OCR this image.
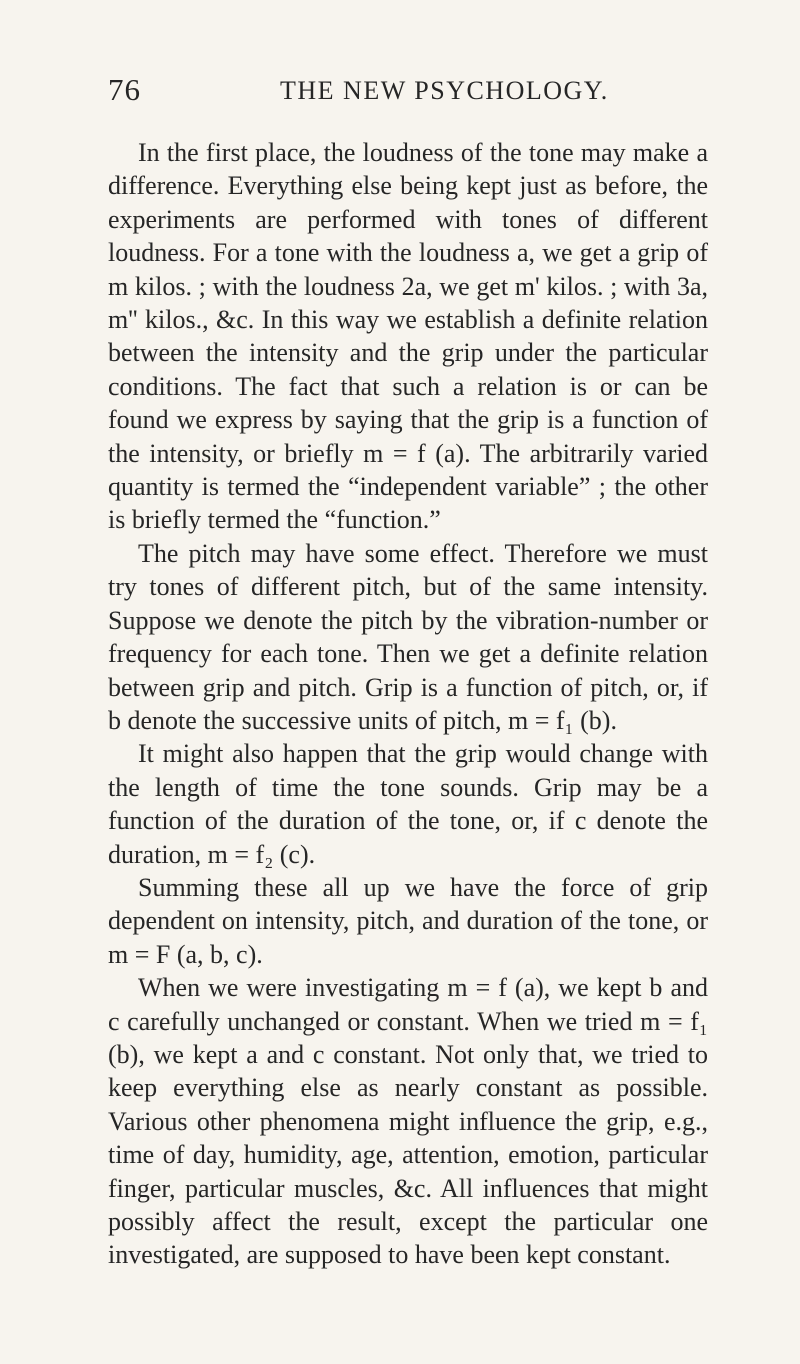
76	THE NEW PSYCHOLOGY.

In the first place, the loudness of the tone may make a difference. Everything else being kept just as before, the experiments are performed with tones of different loudness. For a tone with the loudness a, we get a grip of m kilos. ; with the loudness 2a, we get m' kilos. ; with 3a, m'' kilos., &c. In this way we establish a definite relation between the intensity and the grip under the particular conditions. The fact that such a relation is or can be found we express by saying that the grip is a function of the intensity, or briefly m = f (a). The arbitrarily varied quantity is termed the “independent variable” ; the other is briefly termed the “function.”

The pitch may have some effect. Therefore we must try tones of different pitch, but of the same intensity. Suppose we denote the pitch by the vibration-number or frequency for each tone. Then we get a definite relation between grip and pitch. Grip is a function of pitch, or, if b denote the successive units of pitch, m = f₁ (b).

It might also happen that the grip would change with the length of time the tone sounds. Grip may be a function of the duration of the tone, or, if c denote the duration, m = f₂ (c).

Summing these all up we have the force of grip dependent on intensity, pitch, and duration of the tone, or m = F (a, b, c).

When we were investigating m = f (a), we kept b and c carefully unchanged or constant. When we tried m = f₁ (b), we kept a and c constant. Not only that, we tried to keep everything else as nearly constant as possible. Various other phenomena might influence the grip, e.g., time of day, humidity, age, attention, emotion, particular finger, particular muscles, &c. All influences that might possibly affect the result, except the particular one investigated, are supposed to have been kept constant.
